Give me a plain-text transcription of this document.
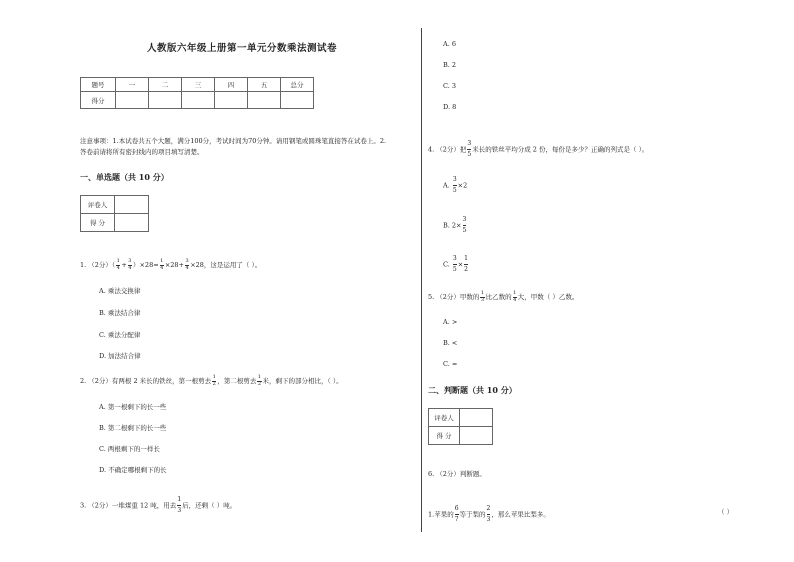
人教版六年级上册第一单元分数乘法测试卷
题号	一	二	三	四	五	总分
得分						
注意事项：1.本试卷共五个大题，满分100分，考试时间为70分钟。请用钢笔或圆珠笔直接答在试卷上。2.
答卷前请将所有密封线内的项目填写清楚。
一、单选题（共 10 分）
评卷人	
得 分	
1. （2分）（ $\frac{1}{4} + \frac{3}{4} )\times 28= \frac{1}{4} \times 28+ \frac{3}{4} \times 28$，这是运用了（ ）。
A. 乘法交换律
B. 乘法结合律
C. 乘法分配律
D. 加法结合律
2. （2分）有两根 2 米长的铁丝，第一根剪去 $\frac{1}{2}$ ，第二根剪去 $\frac{1}{2}$ 米，剩下的部分相比，（ ）。
A. 第一根剩下的长一些
B. 第二根剩下的长一些
C. 两根剩下的一样长
D. 不确定哪根剩下的长
3. （2分）一堆煤重 12 吨，用去 $\frac{1}{3}$ 后，还剩（ ）吨。
A. 6
B. 2
C. 3
D. 8
4. （2分）把 $\frac{3}{5}$ 米长的铁丝平均分成 2 份，每份是多少？正确的列式是（ ）。
A. $\frac{3}{5} \times 2$
B. $2\times \frac{3}{5}$
C. $\frac{3}{5} \times \frac{1}{2}$
5. （2分）甲数的 $\frac{1}{3}$ 比乙数的 $\frac{1}{4}$ 大，甲数（ ）乙数。
A. >
B. <
C. =
二、判断题（共 10 分）
评卷人	
得 分	
6. （2分）判断题。
1.苹果的 $\frac{6}{7}$ 等于梨的 $\frac{2}{3}$ ，那么苹果比梨多。	（ ）
